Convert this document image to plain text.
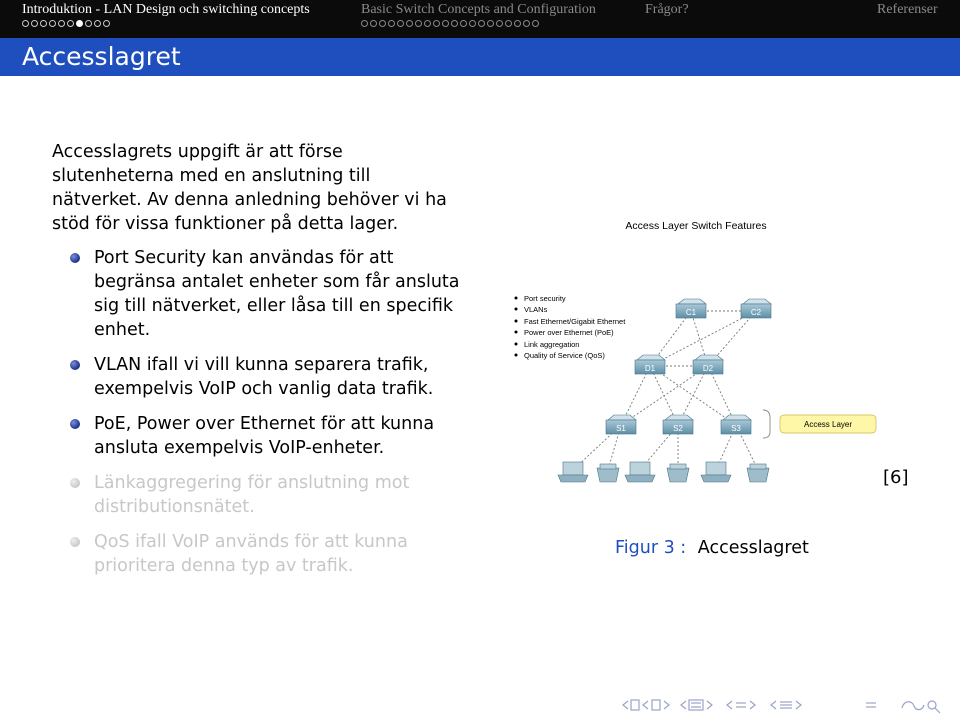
Introduktion - LAN Design och switching concepts	Basic Switch Concepts and Configuration	Frågor?	Referenser
Accesslagret
Accesslagrets uppgift är att förse slutenheterna med en anslutning till nätverket. Av denna anledning behöver vi ha stöd för vissa funktioner på detta lager.
Port Security kan användas för att begränsa antalet enheter som får ansluta sig till nätverket, eller låsa till en specifik enhet.
VLAN ifall vi vill kunna separera trafik, exempelvis VoIP och vanlig data trafik.
PoE, Power over Ethernet för att kunna ansluta exempelvis VoIP-enheter.
Länkaggregering för anslutning mot distributionsnätet.
QoS ifall VoIP används för att kunna prioritera denna typ av trafik.
Access Layer Switch Features
Port security
VLANs
Fast Ethernet/Gigabit Ethernet
Power over Ethernet (PoE)
Link aggregation
Quality of Service (QoS)
C1	C2
D1	D2
S1	S2	S3	Access Layer
[6]
Figur 3 : Accesslagret
